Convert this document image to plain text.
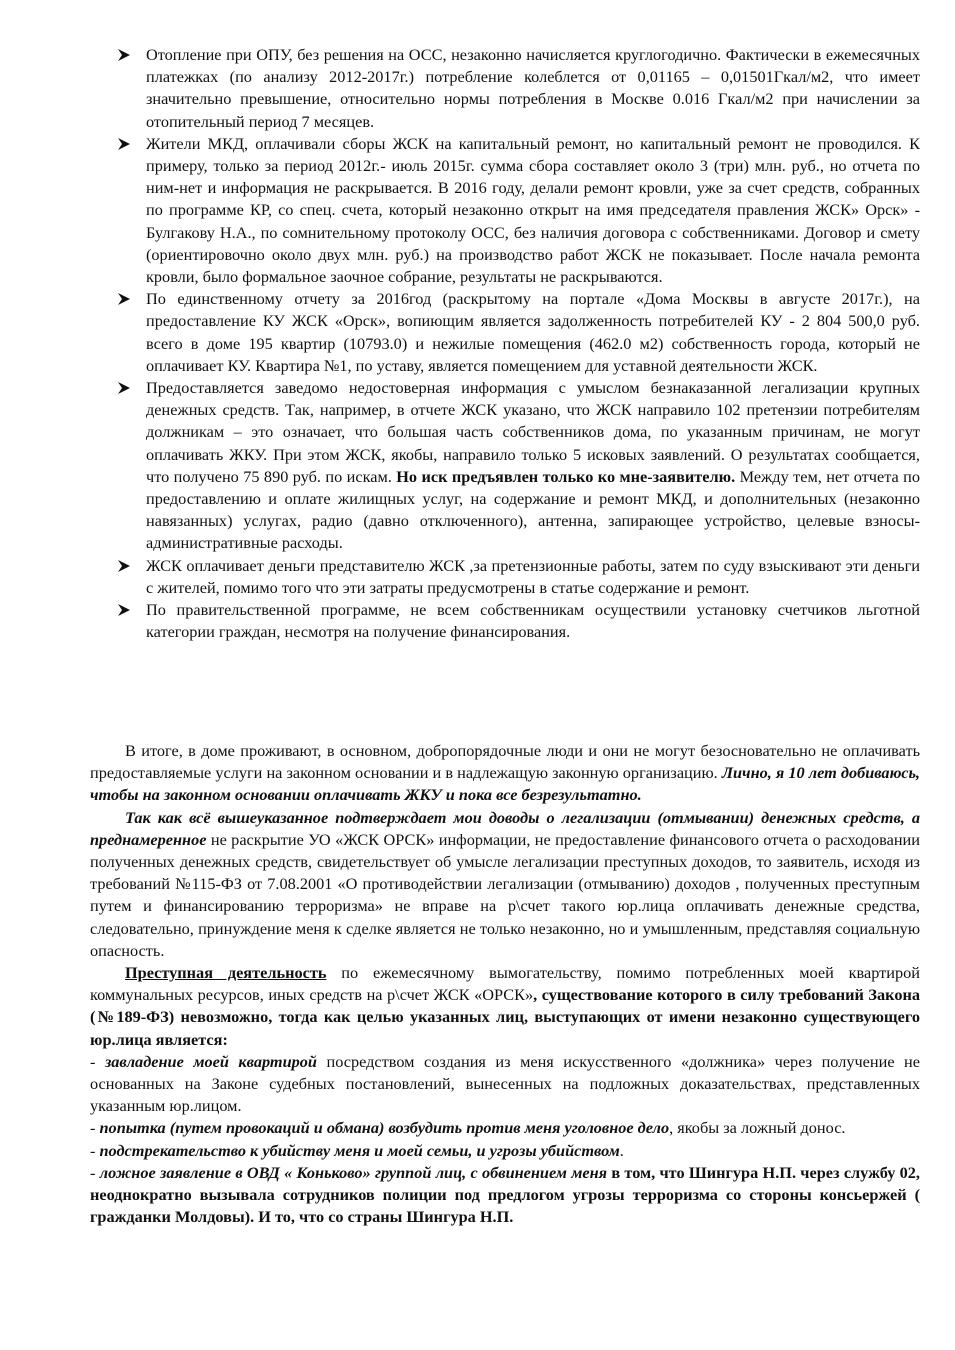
Отопление при ОПУ, без решения на ОСС, незаконно начисляется круглогодично. Фактически в ежемесячных платежках (по анализу 2012-2017г.) потребление колеблется от 0,01165 – 0,01501Гкал/м2, что имеет значительно превышение, относительно нормы потребления в Москве 0.016 Гкал/м2 при начислении за отопительный период 7 месяцев.
Жители МКД, оплачивали сборы ЖСК на капитальный ремонт, но капитальный ремонт не проводился. К примеру, только за период 2012г.- июль 2015г. сумма сбора составляет около 3 (три) млн. руб., но отчета по ним-нет и информация не раскрывается. В 2016 году, делали ремонт кровли, уже за счет средств, собранных по программе КР, со спец. счета, который незаконно открыт на имя председателя правления ЖСК» Орск» - Булгакову Н.А., по сомнительному протоколу ОСС, без наличия договора с собственниками. Договор и смету (ориентировочно около двух млн. руб.) на производство работ ЖСК не показывает. После начала ремонта кровли, было формальное заочное собрание, результаты не раскрываются.
По единственному отчету за 2016год (раскрытому на портале «Дома Москвы в августе 2017г.), на предоставление КУ ЖСК «Орск», вопиющим является задолженность потребителей КУ - 2 804 500,0 руб. всего в доме 195 квартир (10793.0) и нежилые помещения (462.0 м2) собственность города, который не оплачивает КУ. Квартира №1, по уставу, является помещением для уставной деятельности ЖСК.
Предоставляется заведомо недостоверная информация с умыслом безнаказанной легализации крупных денежных средств. Так, например, в отчете ЖСК указано, что ЖСК направило 102 претензии потребителям должникам – это означает, что большая часть собственников дома, по указанным причинам, не могут оплачивать ЖКУ. При этом ЖСК, якобы, направило только 5 исковых заявлений. О результатах сообщается, что получено 75 890 руб. по искам. Но иск предъявлен только ко мне-заявителю. Между тем, нет отчета по предоставлению и оплате жилищных услуг, на содержание и ремонт МКД, и дополнительных (незаконно навязанных) услугах, радио (давно отключенного), антенна, запирающее устройство, целевые взносы- административные расходы.
ЖСК оплачивает деньги представителю ЖСК ,за претензионные работы, затем по суду взыскивают эти деньги с жителей, помимо того что эти затраты предусмотрены в статье содержание и ремонт.
По правительственной программе, не всем собственникам осуществили установку счетчиков льготной категории граждан, несмотря на получение финансирования.

В итоге, в доме проживают, в основном, добропорядочные люди и они не могут безосновательно не оплачивать предоставляемые услуги на законном основании и в надлежащую законную организацию. Лично, я 10 лет добиваюсь, чтобы на законном основании оплачивать ЖКУ и пока все безрезультатно.

Так как всё вышеуказанное подтверждает мои доводы о легализации (отмывании) денежных средств, а преднамеренное не раскрытие УО «ЖСК ОРСК» информации, не предоставление финансового отчета о расходовании полученных денежных средств, свидетельствует об умысле легализации преступных доходов, то заявитель, исходя из требований №115-ФЗ от 7.08.2001 «О противодействии легализации (отмыванию) доходов , полученных преступным путем и финансированию терроризма» не вправе на р\счет такого юр.лица оплачивать денежные средства, следовательно, принуждение меня к сделке является не только незаконно, но и умышленным, представляя социальную опасность.

Преступная деятельность по ежемесячному вымогательству, помимо потребленных моей квартирой коммунальных ресурсов, иных средств на р\счет ЖСК «ОРСК», существование которого в силу требований Закона (№189-ФЗ) невозможно, тогда как целью указанных лиц, выступающих от имени незаконно существующего юр.лица является:

- завладение моей квартирой посредством создания из меня искусственного «должника» через получение не основанных на Законе судебных постановлений, вынесенных на подложных доказательствах, представленных указанным юр.лицом.

- попытка (путем провокаций и обмана) возбудить против меня уголовное дело, якобы за ложный донос.

- подстрекательство к убийству меня и моей семьи, и угрозы убийством.

- ложное заявление в ОВД « Коньково» группой лиц, с обвинением меня в том, что Шингура Н.П. через службу 02, неоднократно вызывала сотрудников полиции под предлогом угрозы терроризма со стороны консьержей ( гражданки Молдовы). И то, что со страны Шингура Н.П.
